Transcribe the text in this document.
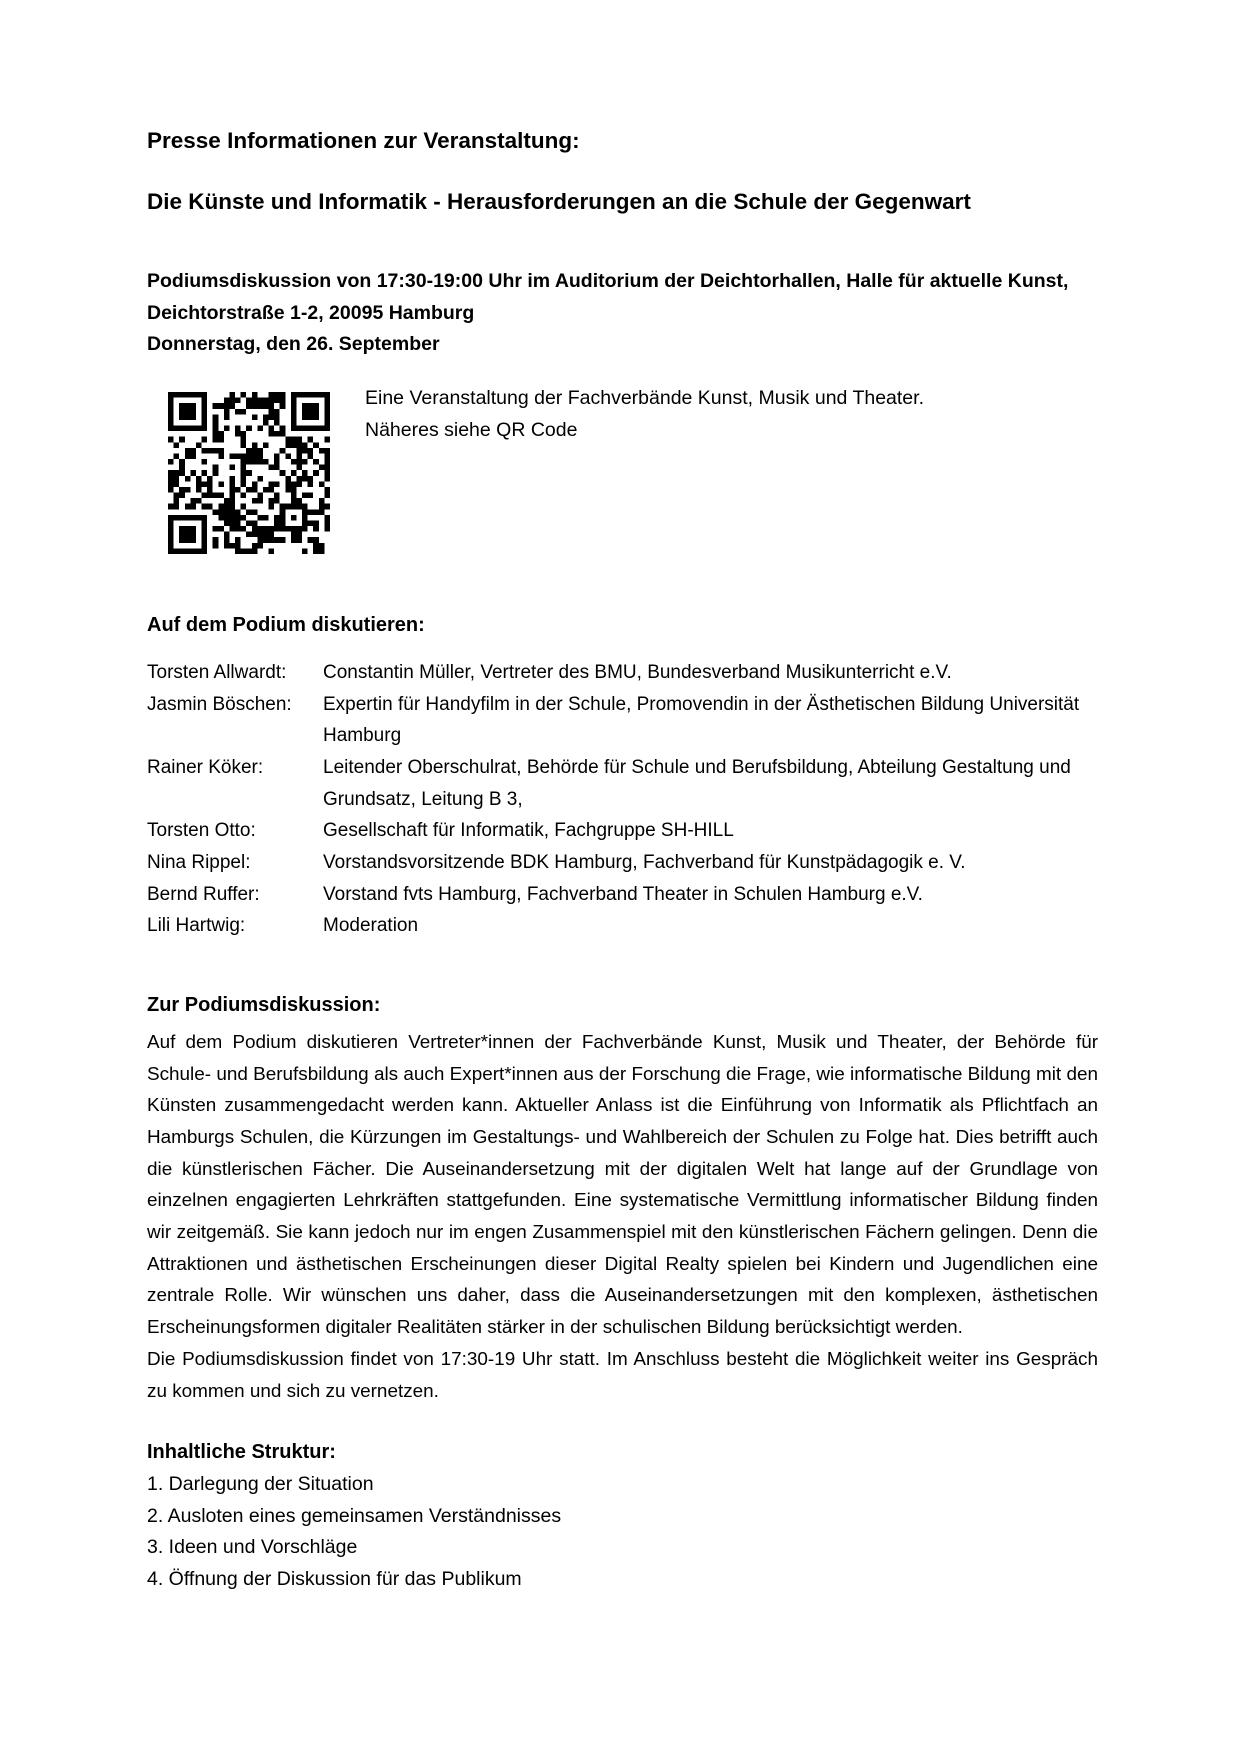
Presse Informationen zur Veranstaltung:

Die Künste und Informatik - Herausforderungen an die Schule der Gegenwart

Podiumsdiskussion von 17:30-19:00 Uhr im Auditorium der Deichtorhallen, Halle für aktuelle Kunst, Deichtorstraße 1-2, 20095 Hamburg
Donnerstag, den 26. September
Eine Veranstaltung der Fachverbände Kunst, Musik und Theater.
Näheres siehe QR Code

Auf dem Podium diskutieren:

Torsten Allwardt:	Constantin Müller, Vertreter des BMU, Bundesverband Musikunterricht e.V.
Jasmin Böschen:	Expertin für Handyfilm in der Schule, Promovendin in der Ästhetischen Bildung Universität Hamburg
Rainer Köker:	Leitender Oberschulrat, Behörde für Schule und Berufsbildung, Abteilung Gestaltung und Grundsatz, Leitung B 3,
Torsten Otto:	Gesellschaft für Informatik, Fachgruppe SH-HILL
Nina Rippel:	Vorstandsvorsitzende BDK Hamburg, Fachverband für Kunstpädagogik e. V.
Bernd Ruffer:	Vorstand fvts Hamburg, Fachverband Theater in Schulen Hamburg e.V.
Lili Hartwig:	Moderation

Zur Podiumsdiskussion:

Auf dem Podium diskutieren Vertreter*innen der Fachverbände Kunst, Musik und Theater, der Behörde für Schule- und Berufsbildung als auch Expert*innen aus der Forschung die Frage, wie informatische Bildung mit den Künsten zusammengedacht werden kann. Aktueller Anlass ist die Einführung von Informatik als Pflichtfach an Hamburgs Schulen, die Kürzungen im Gestaltungs- und Wahlbereich der Schulen zu Folge hat. Dies betrifft auch die künstlerischen Fächer. Die Auseinandersetzung mit der digitalen Welt hat lange auf der Grundlage von einzelnen engagierten Lehrkräften stattgefunden. Eine systematische Vermittlung informatischer Bildung finden wir zeitgemäß. Sie kann jedoch nur im engen Zusammenspiel mit den künstlerischen Fächern gelingen. Denn die Attraktionen und ästhetischen Erscheinungen dieser Digital Realty spielen bei Kindern und Jugendlichen eine zentrale Rolle. Wir wünschen uns daher, dass die Auseinandersetzungen mit den komplexen, ästhetischen Erscheinungsformen digitaler Realitäten stärker in der schulischen Bildung berücksichtigt werden.

Die Podiumsdiskussion findet von 17:30-19 Uhr statt. Im Anschluss besteht die Möglichkeit weiter ins Gespräch zu kommen und sich zu vernetzen.

Inhaltliche Struktur:

1. Darlegung der Situation
2. Ausloten eines gemeinsamen Verständnisses
3. Ideen und Vorschläge
4. Öffnung der Diskussion für das Publikum
